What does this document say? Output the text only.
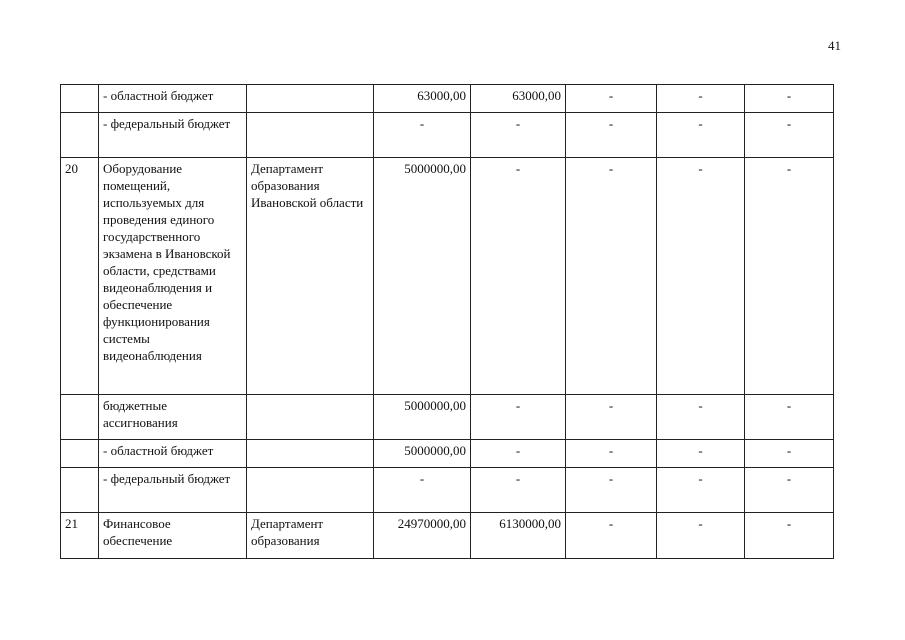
41
	- областной бюджет		63000,00	63000,00	-	-	-
	- федеральный бюджет		-	-	-	-	-
20	Оборудование помещений, используемых для проведения единого государственного экзамена в Ивановской области, средствами видеонаблюдения и обеспечение функционирования системы видеонаблюдения	Департамент образования Ивановской области	5000000,00	-	-	-	-
	бюджетные ассигнования		5000000,00	-	-	-	-
	- областной бюджет		5000000,00	-	-	-	-
	- федеральный бюджет		-	-	-	-	-
21	Финансовое обеспечение	Департамент образования	24970000,00	6130000,00	-	-	-
